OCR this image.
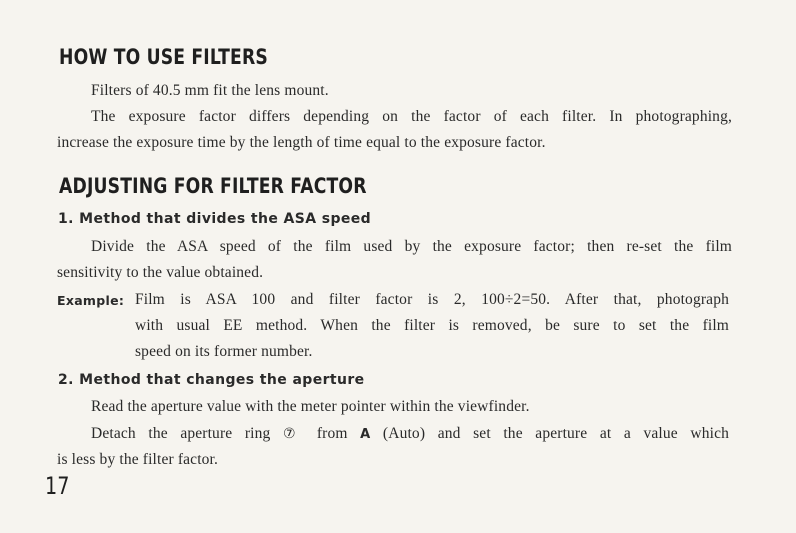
HOW TO USE FILTERS
Filters of 40.5 mm fit the lens mount.
The exposure factor differs depending on the factor of each filter. In photographing,
increase the exposure time by the length of time equal to the exposure factor.
ADJUSTING FOR FILTER FACTOR
1. Method that divides the ASA speed
Divide the ASA speed of the film used by the exposure factor; then re-set the film
sensitivity to the value obtained.
Example: Film is ASA 100 and filter factor is 2, 100÷2=50. After that, photograph
with usual EE method. When the filter is removed, be sure to set the film
speed on its former number.
2. Method that changes the aperture
Read the aperture value with the meter pointer within the viewfinder.
Detach the aperture ring ⑦ from A (Auto) and set the aperture at a value which
is less by the filter factor.
17
